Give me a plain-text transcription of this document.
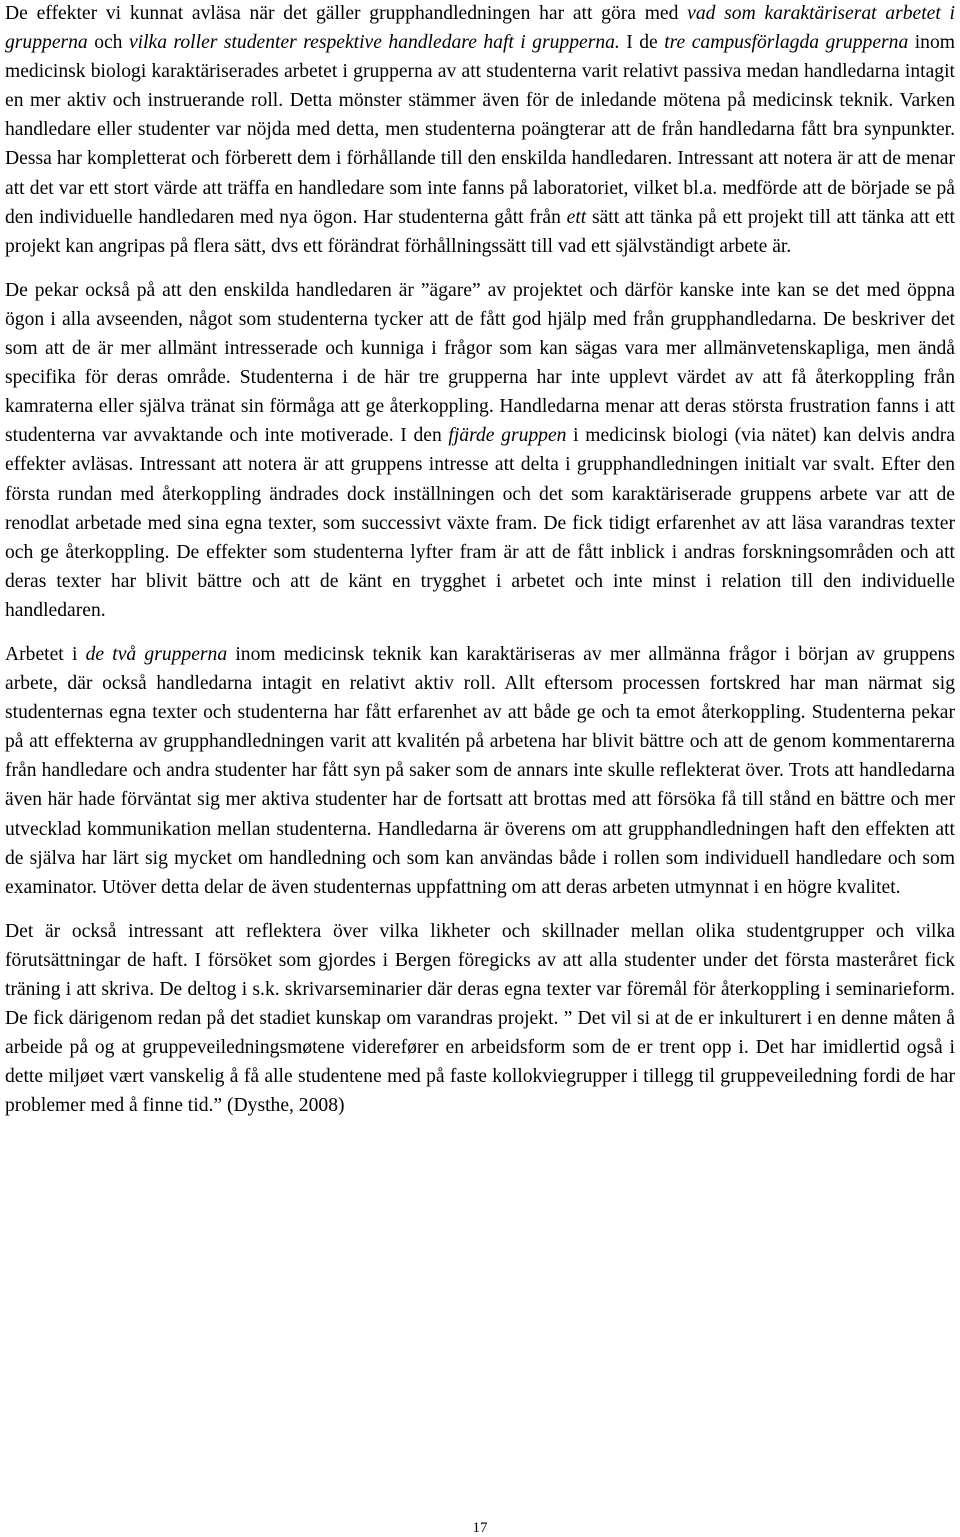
De effekter vi kunnat avläsa när det gäller grupphandledningen har att göra med vad som karaktäriserat arbetet i grupperna och vilka roller studenter respektive handledare haft i grupperna. I de tre campusförlagda grupperna inom medicinsk biologi karaktäriserades arbetet i grupperna av att studenterna varit relativt passiva medan handledarna intagit en mer aktiv och instruerande roll. Detta mönster stämmer även för de inledande mötena på medicinsk teknik. Varken handledare eller studenter var nöjda med detta, men studenterna poängterar att de från handledarna fått bra synpunkter. Dessa har kompletterat och förberett dem i förhållande till den enskilda handledaren. Intressant att notera är att de menar att det var ett stort värde att träffa en handledare som inte fanns på laboratoriet, vilket bl.a. medförde att de började se på den individuelle handledaren med nya ögon. Har studenterna gått från ett sätt att tänka på ett projekt till att tänka att ett projekt kan angripas på flera sätt, dvs ett förändrat förhållningssätt till vad ett självständigt arbete är.

De pekar också på att den enskilda handledaren är ”ägare” av projektet och därför kanske inte kan se det med öppna ögon i alla avseenden, något som studenterna tycker att de fått god hjälp med från grupphandledarna. De beskriver det som att de är mer allmänt intresserade och kunniga i frågor som kan sägas vara mer allmänvetenskapliga, men ändå specifika för deras område. Studenterna i de här tre grupperna har inte upplevt värdet av att få återkoppling från kamraterna eller själva tränat sin förmåga att ge återkoppling. Handledarna menar att deras största frustration fanns i att studenterna var avvaktande och inte motiverade. I den fjärde gruppen i medicinsk biologi (via nätet) kan delvis andra effekter avläsas. Intressant att notera är att gruppens intresse att delta i grupphandledningen initialt var svalt. Efter den första rundan med återkoppling ändrades dock inställningen och det som karaktäriserade gruppens arbete var att de renodlat arbetade med sina egna texter, som successivt växte fram. De fick tidigt erfarenhet av att läsa varandras texter och ge återkoppling. De effekter som studenterna lyfter fram är att de fått inblick i andras forskningsområden och att deras texter har blivit bättre och att de känt en trygghet i arbetet och inte minst i relation till den individuelle handledaren.

Arbetet i de två grupperna inom medicinsk teknik kan karaktäriseras av mer allmänna frågor i början av gruppens arbete, där också handledarna intagit en relativt aktiv roll. Allt eftersom processen fortskred har man närmat sig studenternas egna texter och studenterna har fått erfarenhet av att både ge och ta emot återkoppling. Studenterna pekar på att effekterna av grupphandledningen varit att kvalitén på arbetena har blivit bättre och att de genom kommentarerna från handledare och andra studenter har fått syn på saker som de annars inte skulle reflekterat över. Trots att handledarna även här hade förväntat sig mer aktiva studenter har de fortsatt att brottas med att försöka få till stånd en bättre och mer utvecklad kommunikation mellan studenterna. Handledarna är överens om att grupphandledningen haft den effekten att de själva har lärt sig mycket om handledning och som kan användas både i rollen som individuell handledare och som examinator. Utöver detta delar de även studenternas uppfattning om att deras arbeten utmynnat i en högre kvalitet.

Det är också intressant att reflektera över vilka likheter och skillnader mellan olika studentgrupper och vilka förutsättningar de haft. I försöket som gjordes i Bergen föregicks av att alla studenter under det första masteråret fick träning i att skriva. De deltog i s.k. skrivarseminarier där deras egna texter var föremål för återkoppling i seminarieform. De fick därigenom redan på det stadiet kunskap om varandras projekt. ” Det vil si at de er inkulturert i en denne måten å arbeide på og at gruppeveiledningsmøtene viderefører en arbeidsform som de er trent opp i. Det har imidlertid også i dette miljøet vært vanskelig å få alle studentene med på faste kollokviegrupper i tillegg til gruppeveiledning fordi de har problemer med å finne tid.” (Dysthe, 2008)

17
